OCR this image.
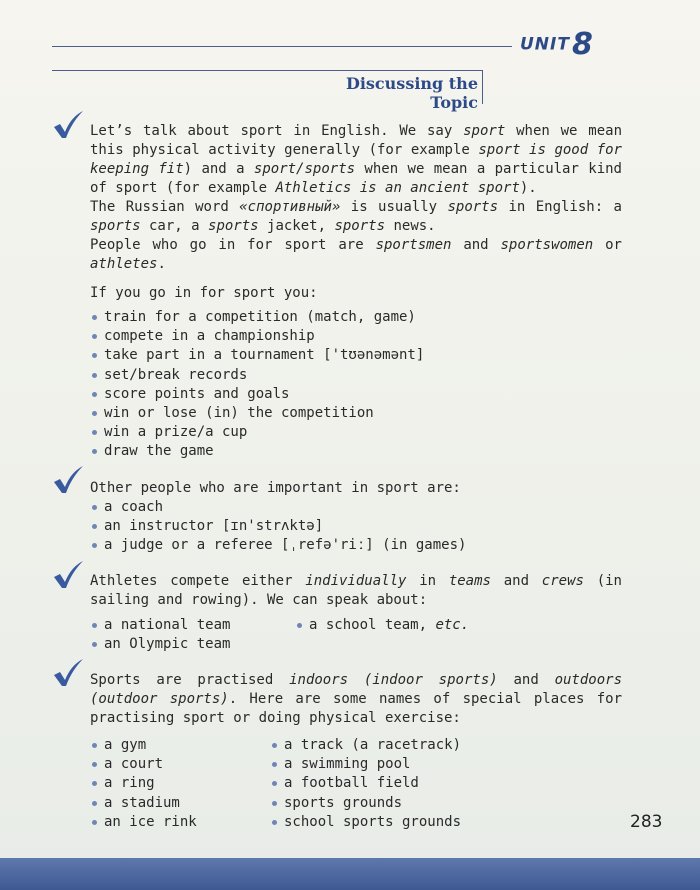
UNIT8
Discussing the Topic

Let’s talk about sport in English. We say sport when we mean this physical activity generally (for example sport is good for keeping fit) and a sport/sports when we mean a particular kind of sport (for example Athletics is an ancient sport).

The Russian word «спортивный» is usually sports in English: a sports car, a sports jacket, sports news.

People who go in for sport are sportsmen and sportswomen or athletes.

If you go in for sport you:
train for a competition (match, game)
compete in a championship
take part in a tournament ['tʊənəmənt]
set/break records
score points and goals
win or lose (in) the competition
win a prize/a cup
draw the game
Other people who are important in sport are:
a coach
an instructor [ɪn'strʌktə]
a judge or a referee [ˌrefə'riː] (in games)

Athletes compete either individually in teams and crews (in sailing and rowing). We can speak about:

a national team
an Olympic team
a school team, etc.

Sports are practised indoors (indoor sports) and outdoors (outdoor sports). Here are some names of special places for practising sport or doing physical exercise:

a gym
a court
a ring
a stadium
an ice rink
a track (a racetrack)
a swimming pool
a football field
sports grounds
school sports grounds	283
